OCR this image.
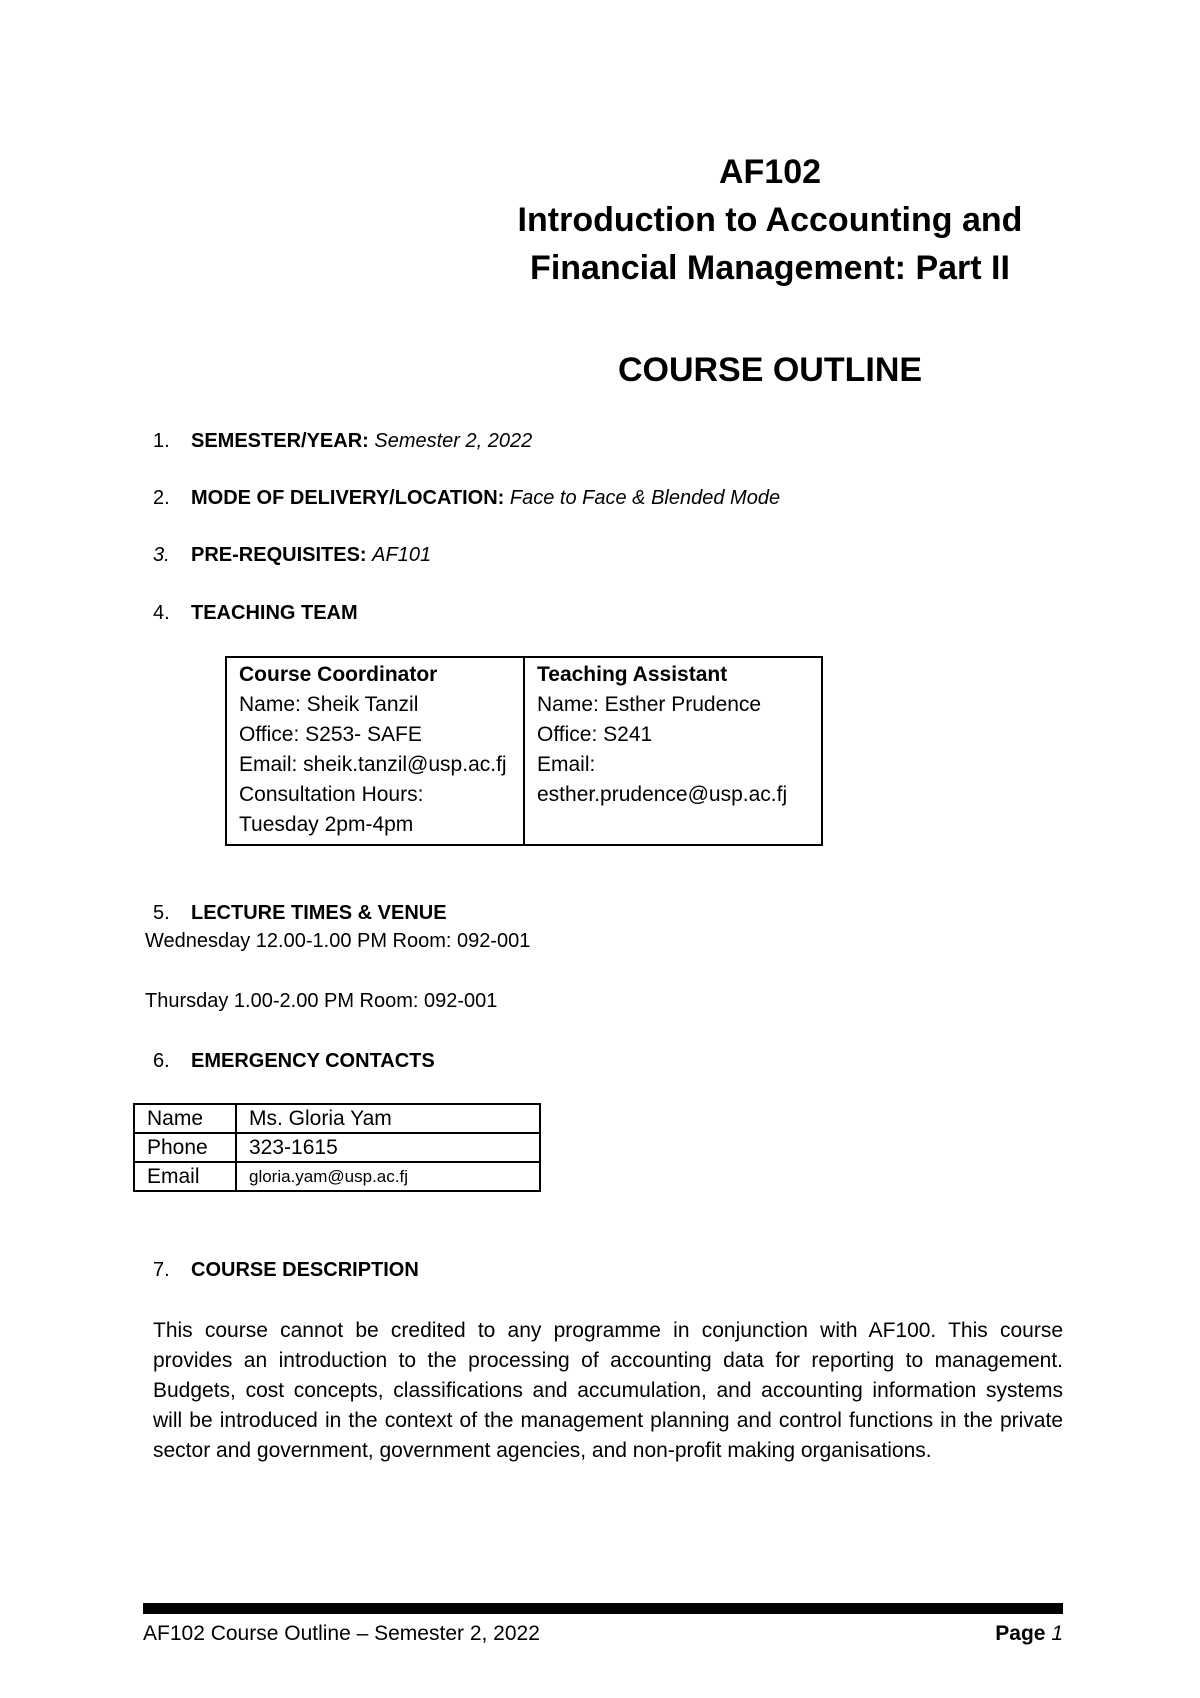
AF102
Introduction to Accounting and
Financial Management: Part II
COURSE OUTLINE
1. SEMESTER/YEAR: Semester 2, 2022
2. MODE OF DELIVERY/LOCATION: Face to Face & Blended Mode
3. PRE-REQUISITES: AF101
4. TEACHING TEAM
Course Coordinator
Name: Sheik Tanzil
Office: S253- SAFE
Email: sheik.tanzil@usp.ac.fj
Consultation Hours:
Tuesday 2pm-4pm

Teaching Assistant
Name: Esther Prudence
Office: S241
Email:
esther.prudence@usp.ac.fj
5. LECTURE TIMES & VENUE
Wednesday 12.00-1.00 PM Room: 092-001
Thursday 1.00-2.00 PM Room: 092-001
6. EMERGENCY CONTACTS
Name	Ms. Gloria Yam
Phone	323-1615
Email	gloria.yam@usp.ac.fj
7. COURSE DESCRIPTION
This course cannot be credited to any programme in conjunction with AF100. This course provides an introduction to the processing of accounting data for reporting to management. Budgets, cost concepts, classifications and accumulation, and accounting information systems will be introduced in the context of the management planning and control functions in the private sector and government, government agencies, and non-profit making organisations.
AF102 Course Outline – Semester 2, 2022	Page 1
